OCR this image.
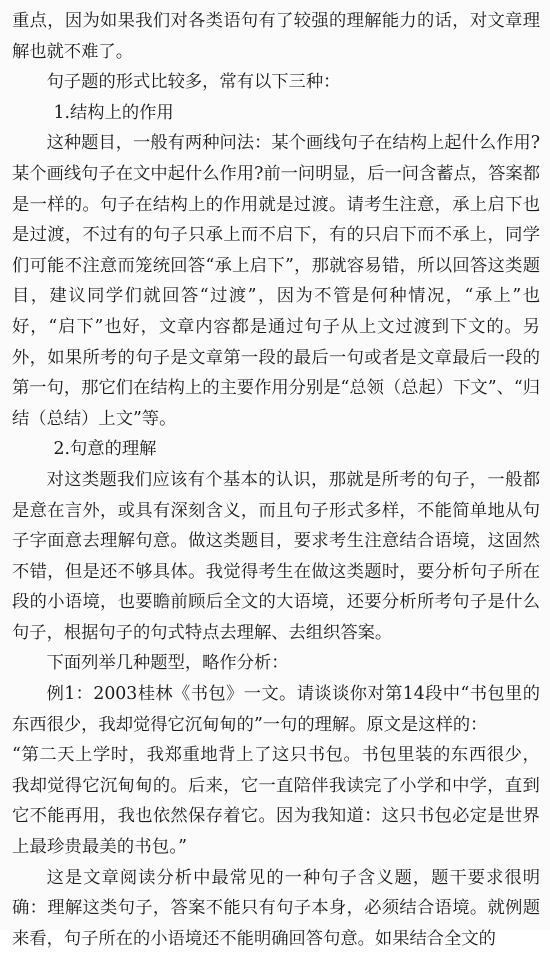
重点，因为如果我们对各类语句有了较强的理解能力的话，对文章理解也就不难了。

句子题的形式比较多，常有以下三种：

1.结构上的作用

这种题目，一般有两种问法：某个画线句子在结构上起什么作用?某个画线句子在文中起什么作用?前一问明显，后一问含蓄点，答案都是一样的。句子在结构上的作用就是过渡。请考生注意，承上启下也是过渡，不过有的句子只承上而不启下，有的只启下而不承上，同学们可能不注意而笼统回答“承上启下”，那就容易错，所以回答这类题目，建议同学们就回答“过渡”，因为不管是何种情况，“承上”也好，“启下”也好，文章内容都是通过句子从上文过渡到下文的。另外，如果所考的句子是文章第一段的最后一句或者是文章最后一段的第一句，那它们在结构上的主要作用分别是“总领（总起）下文”、“归结（总结）上文”等。

2.句意的理解

对这类题我们应该有个基本的认识，那就是所考的句子，一般都是意在言外，或具有深刻含义，而且句子形式多样，不能简单地从句子字面意去理解句意。做这类题目，要求考生注意结合语境，这固然不错，但是还不够具体。我觉得考生在做这类题时，要分析句子所在段的小语境，也要瞻前顾后全文的大语境，还要分析所考句子是什么句子，根据句子的句式特点去理解、去组织答案。

下面列举几种题型，略作分析：

例1：2003桂林《书包》一文。请谈谈你对第14段中“书包里的东西很少，我却觉得它沉甸甸的”一句的理解。原文是这样的：

“第二天上学时，我郑重地背上了这只书包。书包里装的东西很少，我却觉得它沉甸甸的。后来，它一直陪伴我读完了小学和中学，直到它不能再用，我也依然保存着它。因为我知道：这只书包必定是世界上最珍贵最美的书包。”

这是文章阅读分析中最常见的一种句子含义题，题干要求很明确：理解这类句子，答案不能只有句子本身，必须结合语境。就例题来看，句子所在的小语境还不能明确回答句意。如果结合全文的
